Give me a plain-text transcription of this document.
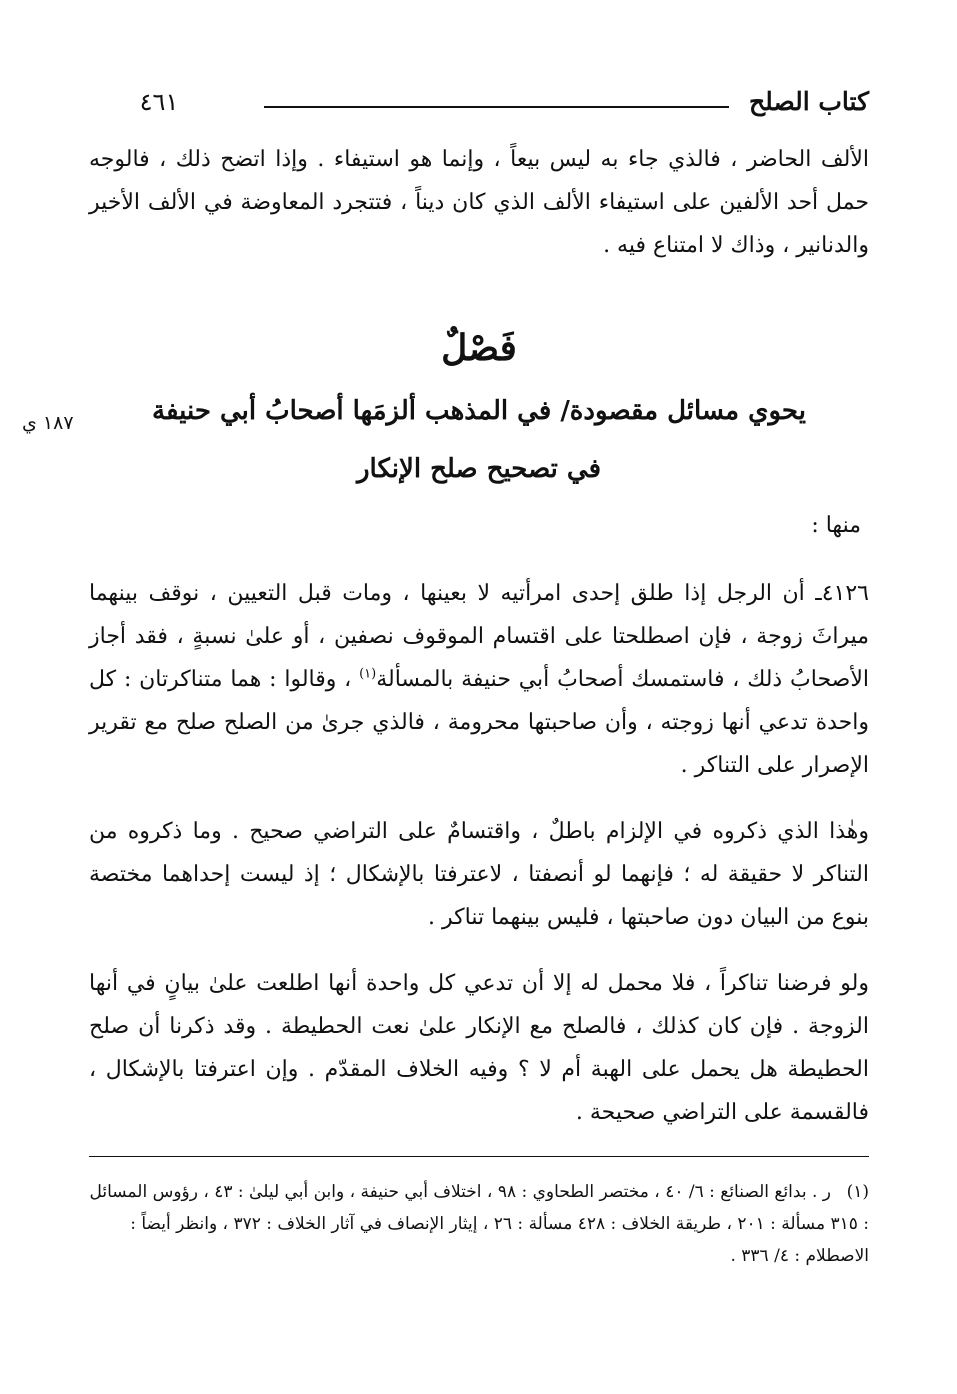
كتاب الصلح
٤٦١
الألف الحاضر ، فالذي جاء به ليس بيعاً ، وإنما هو استيفاء . وإذا اتضح ذلك ، فالوجه حمل أحد الألفين على استيفاء الألف الذي كان ديناً ، فتتجرد المعاوضة في الألف الأخير والدنانير ، وذاك لا امتناع فيه .
فَصْلٌ
يحوي مسائل مقصودة/ في المذهب ألزمَها أصحابُ أبي حنيفة
في تصحيح صلح الإنكار
١٨٧ ي
منها :
٤١٢٦ـ أن الرجل إذا طلق إحدى امرأتيه لا بعينها ، ومات قبل التعيين ، نوقف بينهما ميراثَ زوجة ، فإن اصطلحتا على اقتسام الموقوف نصفين ، أو علىٰ نسبةٍ ، فقد أجاز الأصحابُ ذلك ، فاستمسك أصحابُ أبي حنيفة بالمسألة$^{(١)}$ ، وقالوا : هما متناكرتان : كل واحدة تدعي أنها زوجته ، وأن صاحبتها محرومة ، فالذي جرىٰ من الصلح صلح مع تقرير الإصرار على التناكر .
وهٰذا الذي ذكروه في الإلزام باطلٌ ، واقتسامٌ على التراضي صحيح . وما ذكروه من التناكر لا حقيقة له ؛ فإنهما لو أنصفتا ، لاعترفتا بالإشكال ؛ إذ ليست إحداهما مختصة بنوع من البيان دون صاحبتها ، فليس بينهما تناكر .
ولو فرضنا تناكراً ، فلا محمل له إلا أن تدعي كل واحدة أنها اطلعت علىٰ بيانٍ في أنها الزوجة . فإن كان كذلك ، فالصلح مع الإنكار علىٰ نعت الحطيطة . وقد ذكرنا أن صلح الحطيطة هل يحمل على الهبة أم لا ؟ وفيه الخلاف المقدّم . وإن اعترفتا بالإشكال ، فالقسمة على التراضي صحيحة .
(١)ر . بدائع الصنائع : ٦/ ٤٠ ، مختصر الطحاوي : ٩٨ ، اختلاف أبي حنيفة ، وابن أبي ليلىٰ : ٤٣ ، رؤوس المسائل : ٣١٥ مسألة : ٢٠١ ، طريقة الخلاف : ٤٢٨ مسألة : ٢٦ ، إيثار الإنصاف في آثار الخلاف : ٣٧٢ ، وانظر أيضاً : الاصطلام : ٤/ ٣٣٦ .
